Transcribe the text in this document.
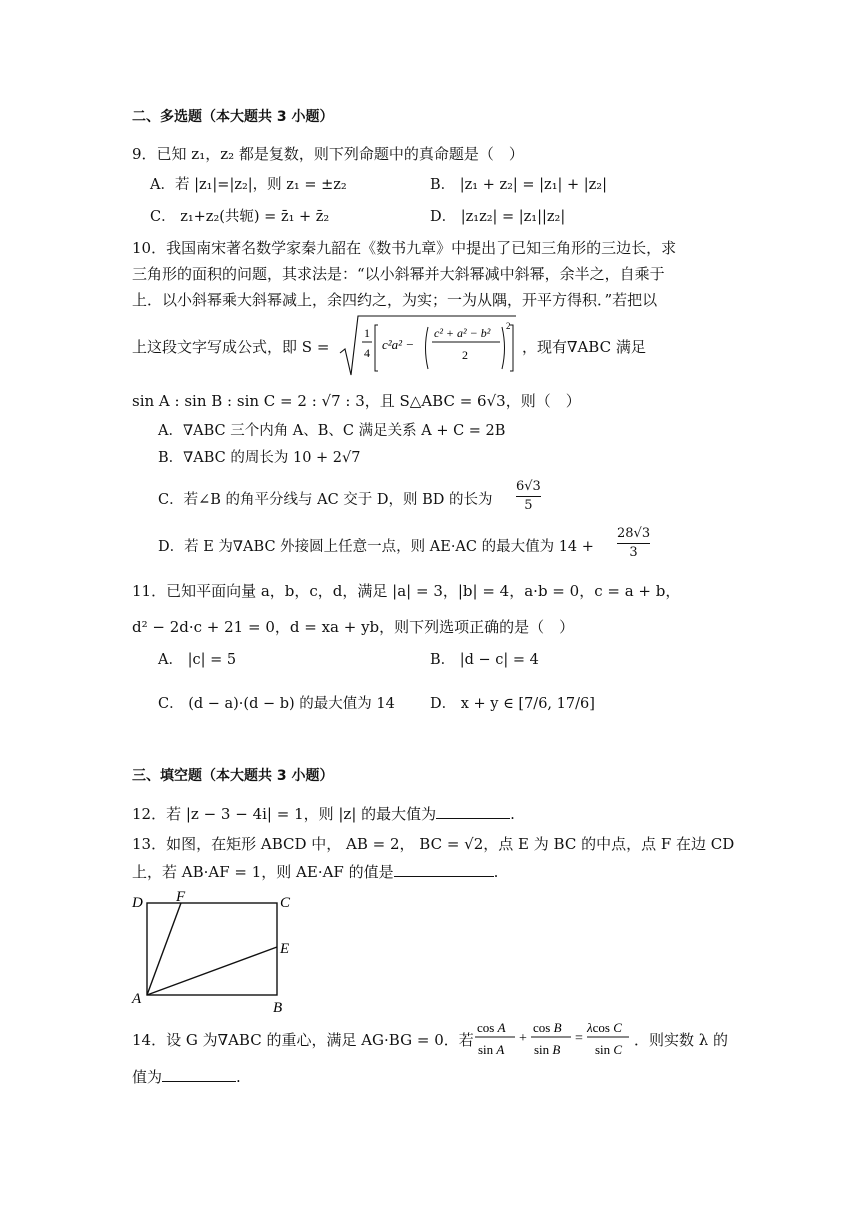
二、多选题（本大题共 3 小题）
9．已知 z₁，z₂ 都是复数，则下列命题中的真命题是（　）
A．若 |z₁|=|z₂|，则 z₁ = ±z₂	B． |z₁ + z₂| = |z₁| + |z₂|
C． z₁+z₂(共轭) = z̄₁ + z̄₂	D． |z₁z₂| = |z₁||z₂|
10．我国南宋著名数学家秦九韶在《数书九章》中提出了已知三角形的三边长，求
三角形的面积的问题，其求法是：“以小斜幂并大斜幂减中斜幂，余半之，自乘于
上．以小斜幂乘大斜幂减上，余四约之，为实；一为从隅，开平方得积．”若把以
上这段文字写成公式，即 S =
1
4
c²a² −
c² + a² − b²
2
2
，现有∇ABC 满足
sin A : sin B : sin C = 2 : √7 : 3，且 S△ABC = 6√3，则（　）
A．∇ABC 三个内角 A、B、C 满足关系 A + C = 2B
B．∇ABC 的周长为 10 + 2√7
C．若∠B 的角平分线与 AC 交于 D，则 BD 的长为 $\frac{6√3}{5}$
D．若 E 为∇ABC 外接圆上任意一点，则 AE·AC 的最大值为 $14 + \frac{28√3}{3}$
11．已知平面向量 a，b，c，d，满足 |a| = 3，|b| = 4，a·b = 0，c = a + b，
d² − 2d·c + 21 = 0，d = xa + yb，则下列选项正确的是（　）
A． |c| = 5	B． |d − c| = 4
C． (d − a)·(d − b) 的最大值为 14 D． x + y ∈ [7/6, 17/6]
三、填空题（本大题共 3 小题）
12．若 |z − 3 − 4i| = 1，则 |z| 的最大值为	.
13．如图，在矩形 ABCD 中， AB = 2， BC = √2，点 E 为 BC 的中点，点 F 在边 CD
上，若 AB·AF = 1，则 AE·AF 的值是	.
D F	C
E
A
B
14．设 G 为∇ABC 的重心，满足 AG·BG = 0．若
cos A
sin A
+
cos B
sin B
=
λcos C
sin C
．则实数 λ 的
值为	.
